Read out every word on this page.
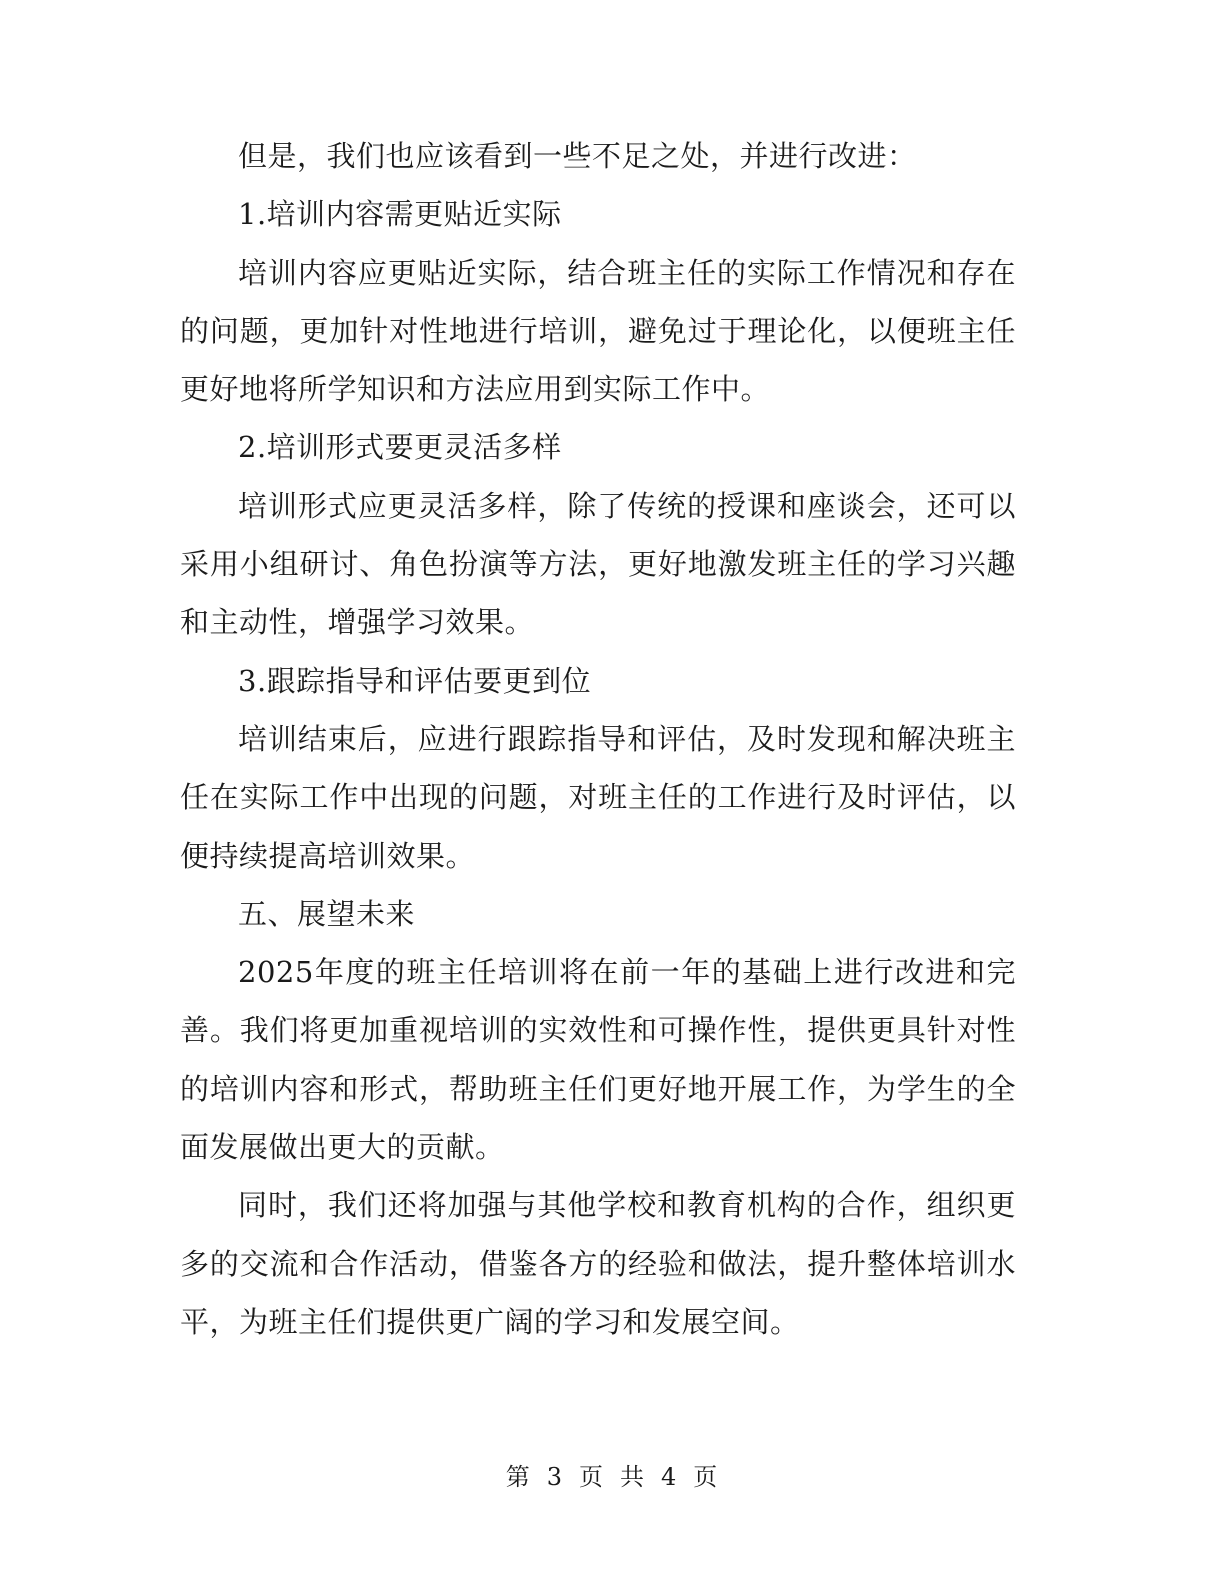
但是，我们也应该看到一些不足之处，并进行改进：

1.培训内容需更贴近实际

培训内容应更贴近实际，结合班主任的实际工作情况和存在的问题，更加针对性地进行培训，避免过于理论化，以便班主任更好地将所学知识和方法应用到实际工作中。

2.培训形式要更灵活多样

培训形式应更灵活多样，除了传统的授课和座谈会，还可以采用小组研讨、角色扮演等方法，更好地激发班主任的学习兴趣和主动性，增强学习效果。

3.跟踪指导和评估要更到位

培训结束后，应进行跟踪指导和评估，及时发现和解决班主任在实际工作中出现的问题，对班主任的工作进行及时评估，以便持续提高培训效果。

五、展望未来

2025年度的班主任培训将在前一年的基础上进行改进和完善。我们将更加重视培训的实效性和可操作性，提供更具针对性的培训内容和形式，帮助班主任们更好地开展工作，为学生的全面发展做出更大的贡献。

同时，我们还将加强与其他学校和教育机构的合作，组织更多的交流和合作活动，借鉴各方的经验和做法，提升整体培训水平，为班主任们提供更广阔的学习和发展空间。

第 3 页 共 4 页
